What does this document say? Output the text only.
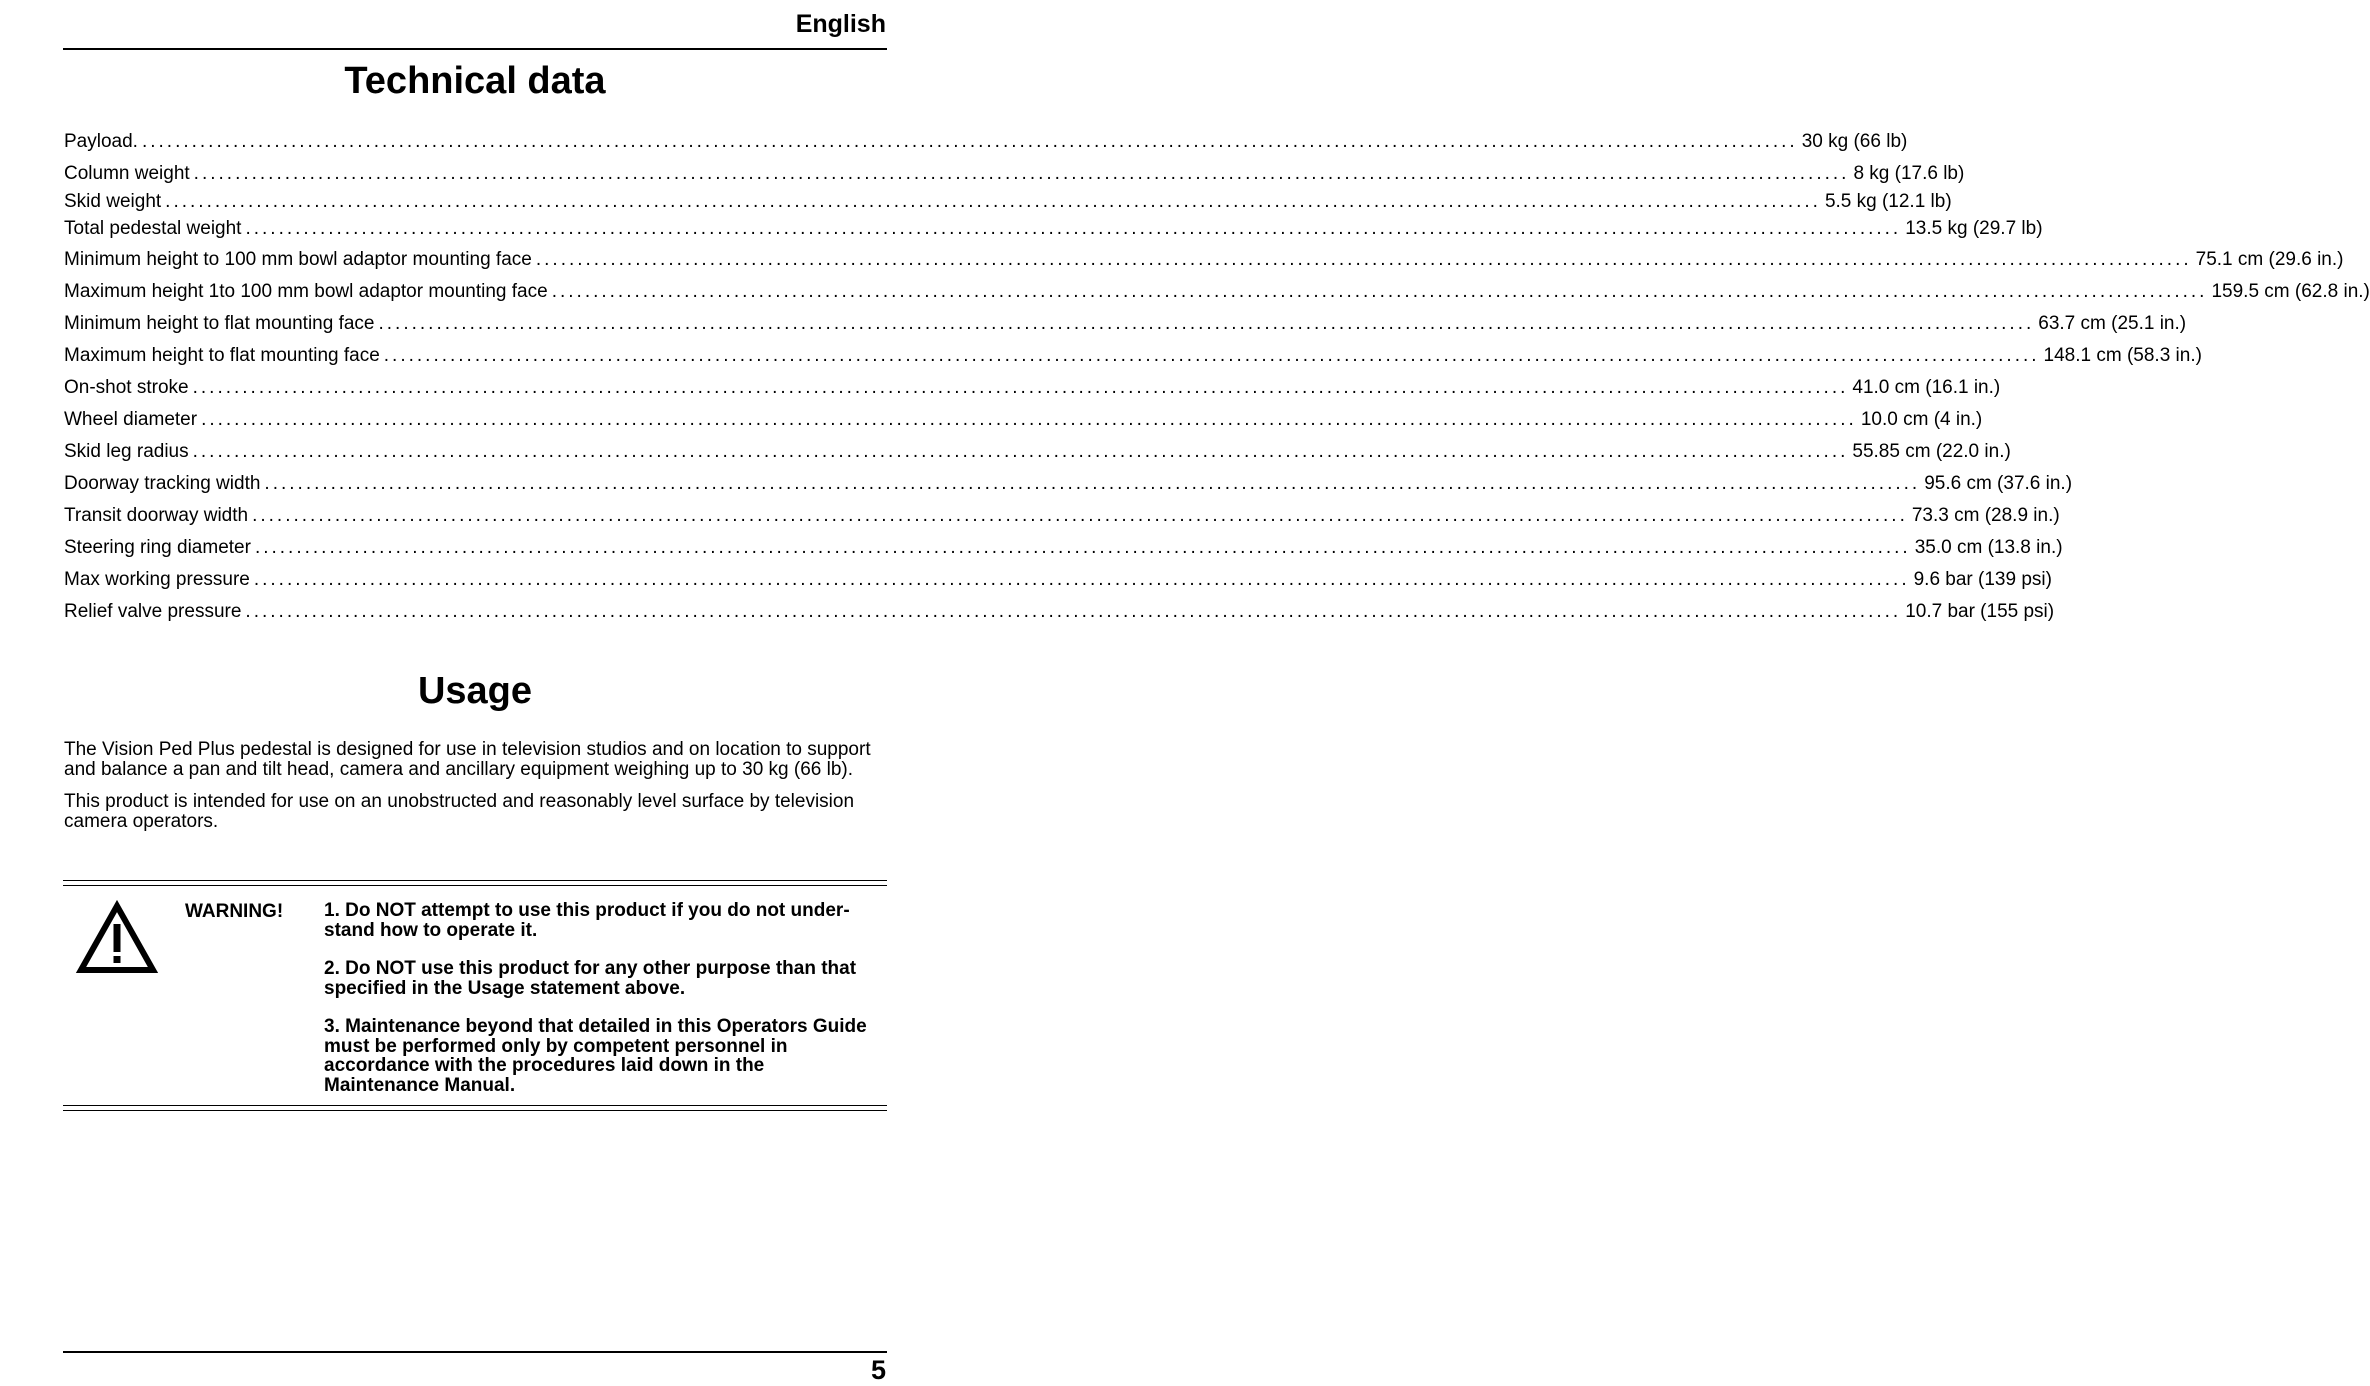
English
Technical data
Payload. ........................................................................................................................................................................................................ 30 kg (66 lb)
Column weight ........................................................................................................................................................................................................ 8 kg (17.6 lb)
Skid weight ........................................................................................................................................................................................................ 5.5 kg (12.1 lb)
Total pedestal weight ........................................................................................................................................................................................................ 13.5 kg (29.7 lb)
Minimum height to 100 mm bowl adaptor mounting face ........................................................................................................................................................................................................ 75.1 cm (29.6 in.)
Maximum height 1to 100 mm bowl adaptor mounting face ........................................................................................................................................................................................................ 159.5 cm (62.8 in.)
Minimum height to flat mounting face ........................................................................................................................................................................................................ 63.7 cm (25.1 in.)
Maximum height to flat mounting face ........................................................................................................................................................................................................ 148.1 cm (58.3 in.)
On-shot stroke ........................................................................................................................................................................................................ 41.0 cm (16.1 in.)
Wheel diameter ........................................................................................................................................................................................................ 10.0 cm (4 in.)
Skid leg radius ........................................................................................................................................................................................................ 55.85 cm (22.0 in.)
Doorway tracking width ........................................................................................................................................................................................................ 95.6 cm (37.6 in.)
Transit doorway width ........................................................................................................................................................................................................ 73.3 cm (28.9 in.)
Steering ring diameter ........................................................................................................................................................................................................ 35.0 cm (13.8 in.)
Max working pressure ........................................................................................................................................................................................................ 9.6 bar (139 psi)
Relief valve pressure ........................................................................................................................................................................................................ 10.7 bar (155 psi)
Usage

The Vision Ped Plus pedestal is designed for use in television studios and on location to support and balance a pan and tilt head, camera and ancillary equipment weighing up to 30 kg (66 lb).

This product is intended for use on an unobstructed and reasonably level surface by television camera operators.

WARNING! 1. Do NOT attempt to use this product if you do not under-stand how to operate it.

2. Do NOT use this product for any other purpose than that specified in the Usage statement above.

3. Maintenance beyond that detailed in this Operators Guide must be performed only by competent personnel in accordance with the procedures laid down in the Maintenance Manual.

5
